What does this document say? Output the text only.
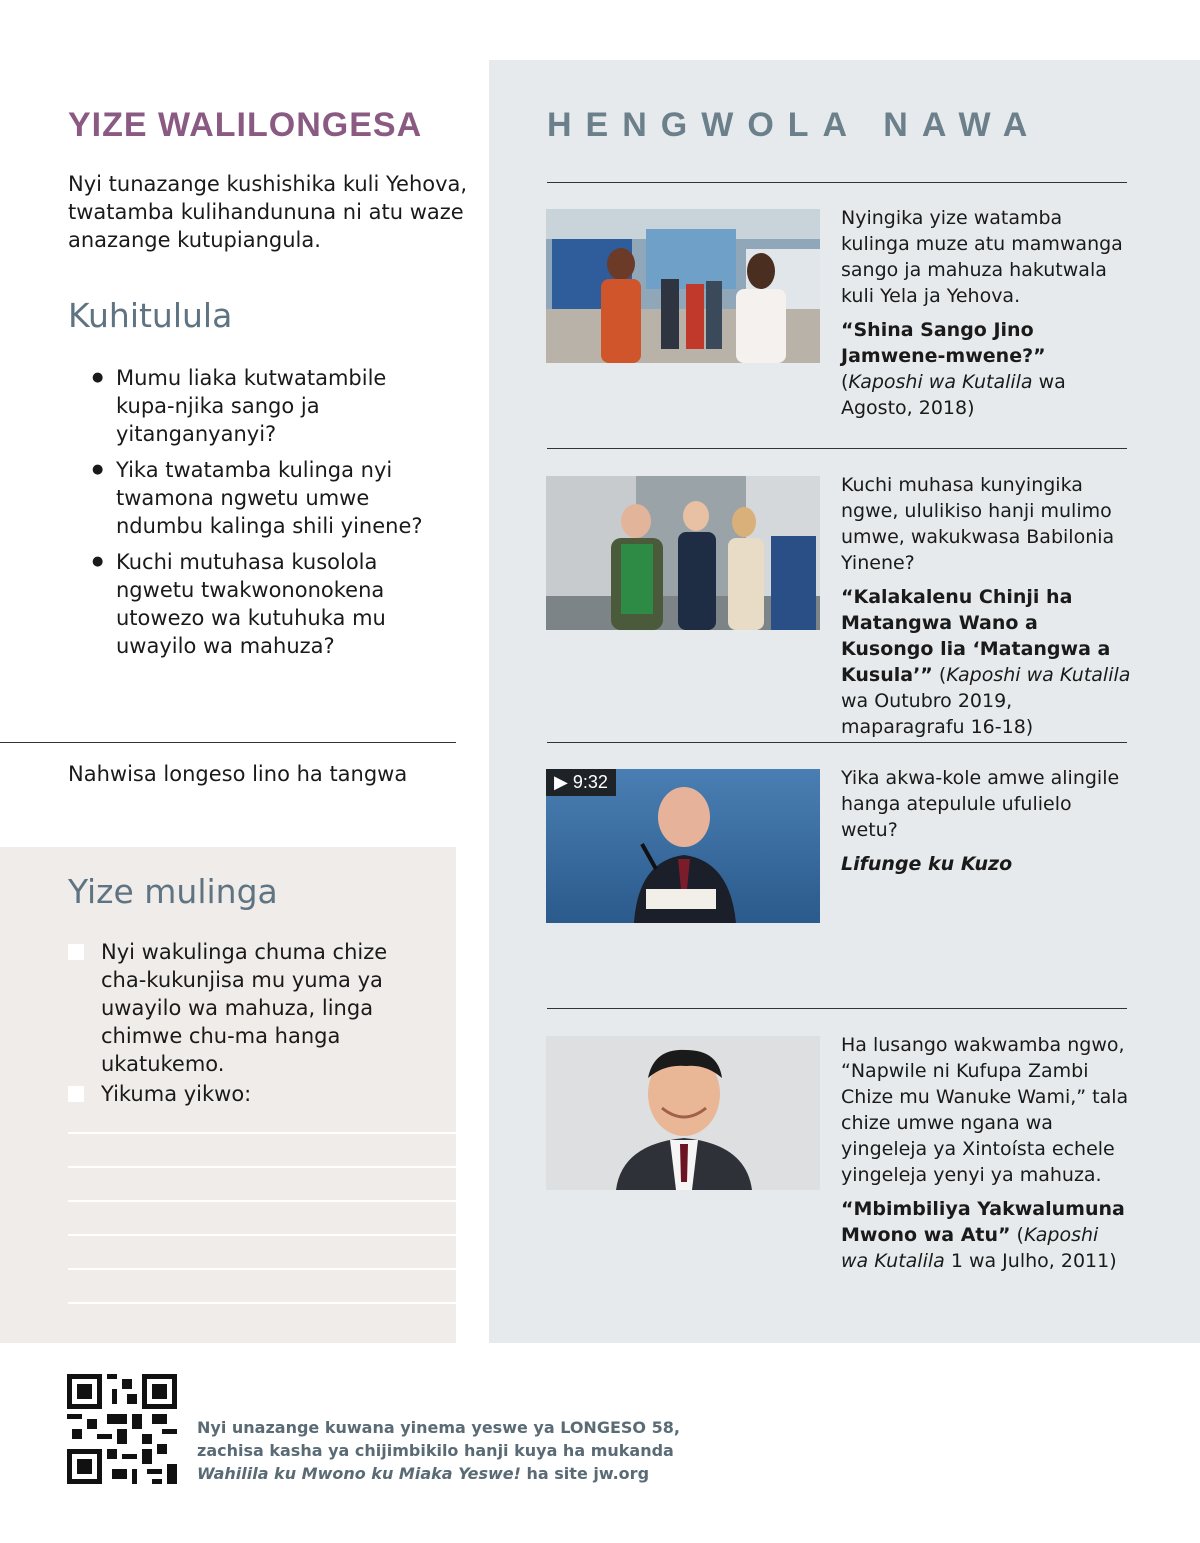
YIZE WALILONGESA
Nyi tunazange kushishika kuli Yehova, twatamba kulihandununa ni atu waze anazange kutupiangula.
Kuhitulula
● Mumu liaka kutwatambile kupa-njika sango ja yitanganyanyi?
● Yika twatamba kulinga nyi twamona ngwetu umwe ndumbu kalinga shili yinene?
● Kuchi mutuhasa kusolola ngwetu twakwononokena utowezo wa kutuhuka mu uwayilo wa mahuza?
Nahwisa longeso lino ha tangwa
Yize mulinga
Nyi wakulinga chuma chize cha-kukunjisa mu yuma ya uwayilo wa mahuza, linga chimwe chu-ma hanga ukatukemo.
Yikuma yikwo:
HENGWOLA NAWA

Nyingika yize watamba kulinga muze atu mamwanga sango ja mahuza hakutwala kuli Yela ja Yehova.

“Shina Sango Jino Jamwene-mwene?” (Kaposhi wa Kutalila wa Agosto, 2018)

Kuchi muhasa kunyingika ngwe, ululikiso hanji mulimo umwe, wakukwasa Babilonia Yinene?

“Kalakalenu Chinji ha Matangwa Wano a Kusongo lia ‘Matangwa a Kusula’” (Kaposhi wa Kutalila wa Outubro 2019, maparagrafu 16-18)

▶ 9:32	Yika akwa-kole amwe alingile hanga atepulule ufulielo wetu?

Lifunge ku Kuzo

Ha lusango wakwamba ngwo, “Napwile ni Kufupa Zambi Chize mu Wanuke Wami,” tala chize umwe ngana wa yingeleja ya Xintoísta echele yingeleja yenyi ya mahuza.

“Mbimbiliya Yakwalumuna Mwono wa Atu” (Kaposhi wa Kutalila 1 wa Julho, 2011)

Nyi unazange kuwana yinema yeswe ya LONGESO 58, zachisa kasha ya chijimbikilo hanji kuya ha mukanda Wahilila ku Mwono ku Miaka Yeswe! ha site jw.org
